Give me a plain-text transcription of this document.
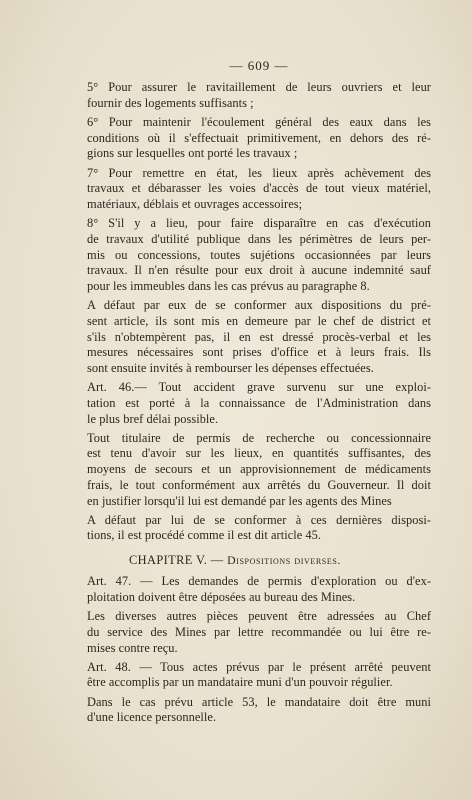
— 609 —

5° Pour assurer le ravitaillement de leurs ouvriers et leur
fournir des logements suffisants ;

6° Pour maintenir l'écoulement général des eaux dans les
conditions où il s'effectuait primitivement, en dehors des ré-
gions sur lesquelles ont porté les travaux ;

7° Pour remettre en état, les lieux après achèvement des
travaux et débarasser les voies d'accès de tout vieux matériel,
matériaux, déblais et ouvrages accessoires;

8° S'il y a lieu, pour faire disparaître en cas d'exécution
de travaux d'utilité publique dans les périmètres de leurs per-
mis ou concessions, toutes sujétions occasionnées par leurs
travaux. Il n'en résulte pour eux droit à aucune indemnité sauf
pour les immeubles dans les cas prévus au paragraphe 8.

A défaut par eux de se conformer aux dispositions du pré-
sent article, ils sont mis en demeure par le chef de district et
s'ils n'obtempèrent pas, il en est dressé procès-verbal et les
mesures nécessaires sont prises d'office et à leurs frais. Ils
sont ensuite invités à rembourser les dépenses effectuées.

Art. 46.— Tout accident grave survenu sur une exploi-
tation est porté à la connaissance de l'Administration dans
le plus bref délai possible.

Tout titulaire de permis de recherche ou concessionnaire
est tenu d'avoir sur les lieux, en quantités suffisantes, des
moyens de secours et un approvisionnement de médicaments
frais, le tout conformément aux arrêtés du Gouverneur. Il doit
en justifier lorsqu'il lui est demandé par les agents des Mines

A défaut par lui de se conformer à ces dernières disposi-
tions, il est procédé comme il est dit article 45.

CHAPITRE V. — Dispositions diverses.

Art. 47. — Les demandes de permis d'exploration ou d'ex-
ploitation doivent être déposées au bureau des Mines.

Les diverses autres pièces peuvent être adressées au Chef
du service des Mines par lettre recommandée ou lui être re-
mises contre reçu.

Art. 48. — Tous actes prévus par le présent arrêté peuvent
être accomplis par un mandataire muni d'un pouvoir régulier.

Dans le cas prévu article 53, le mandataire doit être muni
d'une licence personnelle.
